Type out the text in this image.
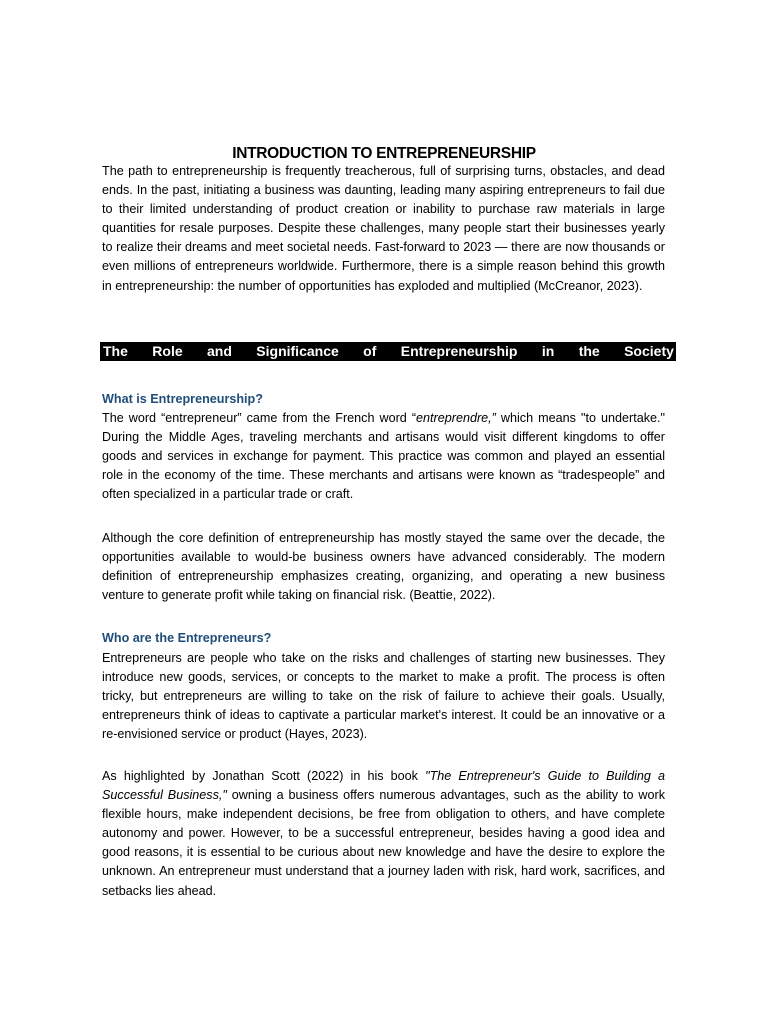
INTRODUCTION TO ENTREPRENEURSHIP

The path to entrepreneurship is frequently treacherous, full of surprising turns, obstacles, and dead ends. In the past, initiating a business was daunting, leading many aspiring entrepreneurs to fail due to their limited understanding of product creation or inability to purchase raw materials in large quantities for resale purposes. Despite these challenges, many people start their businesses yearly to realize their dreams and meet societal needs. Fast-forward to 2023 — there are now thousands or even millions of entrepreneurs worldwide. Furthermore, there is a simple reason behind this growth in entrepreneurship: the number of opportunities has exploded and multiplied (McCreanor, 2023).

The Role and Significance of Entrepreneurship in the Society
What is Entrepreneurship?

The word “entrepreneur” came from the French word “entreprendre,” which means "to undertake." During the Middle Ages, traveling merchants and artisans would visit different kingdoms to offer goods and services in exchange for payment. This practice was common and played an essential role in the economy of the time. These merchants and artisans were known as “tradespeople” and often specialized in a particular trade or craft.

Although the core definition of entrepreneurship has mostly stayed the same over the decade, the opportunities available to would-be business owners have advanced considerably. The modern definition of entrepreneurship emphasizes creating, organizing, and operating a new business venture to generate profit while taking on financial risk. (Beattie, 2022).

Who are the Entrepreneurs?

Entrepreneurs are people who take on the risks and challenges of starting new businesses. They introduce new goods, services, or concepts to the market to make a profit. The process is often tricky, but entrepreneurs are willing to take on the risk of failure to achieve their goals. Usually, entrepreneurs think of ideas to captivate a particular market's interest. It could be an innovative or a re-envisioned service or product (Hayes, 2023).

As highlighted by Jonathan Scott (2022) in his book "The Entrepreneur's Guide to Building a Successful Business," owning a business offers numerous advantages, such as the ability to work flexible hours, make independent decisions, be free from obligation to others, and have complete autonomy and power. However, to be a successful entrepreneur, besides having a good idea and good reasons, it is essential to be curious about new knowledge and have the desire to explore the unknown. An entrepreneur must understand that a journey laden with risk, hard work, sacrifices, and setbacks lies ahead.
